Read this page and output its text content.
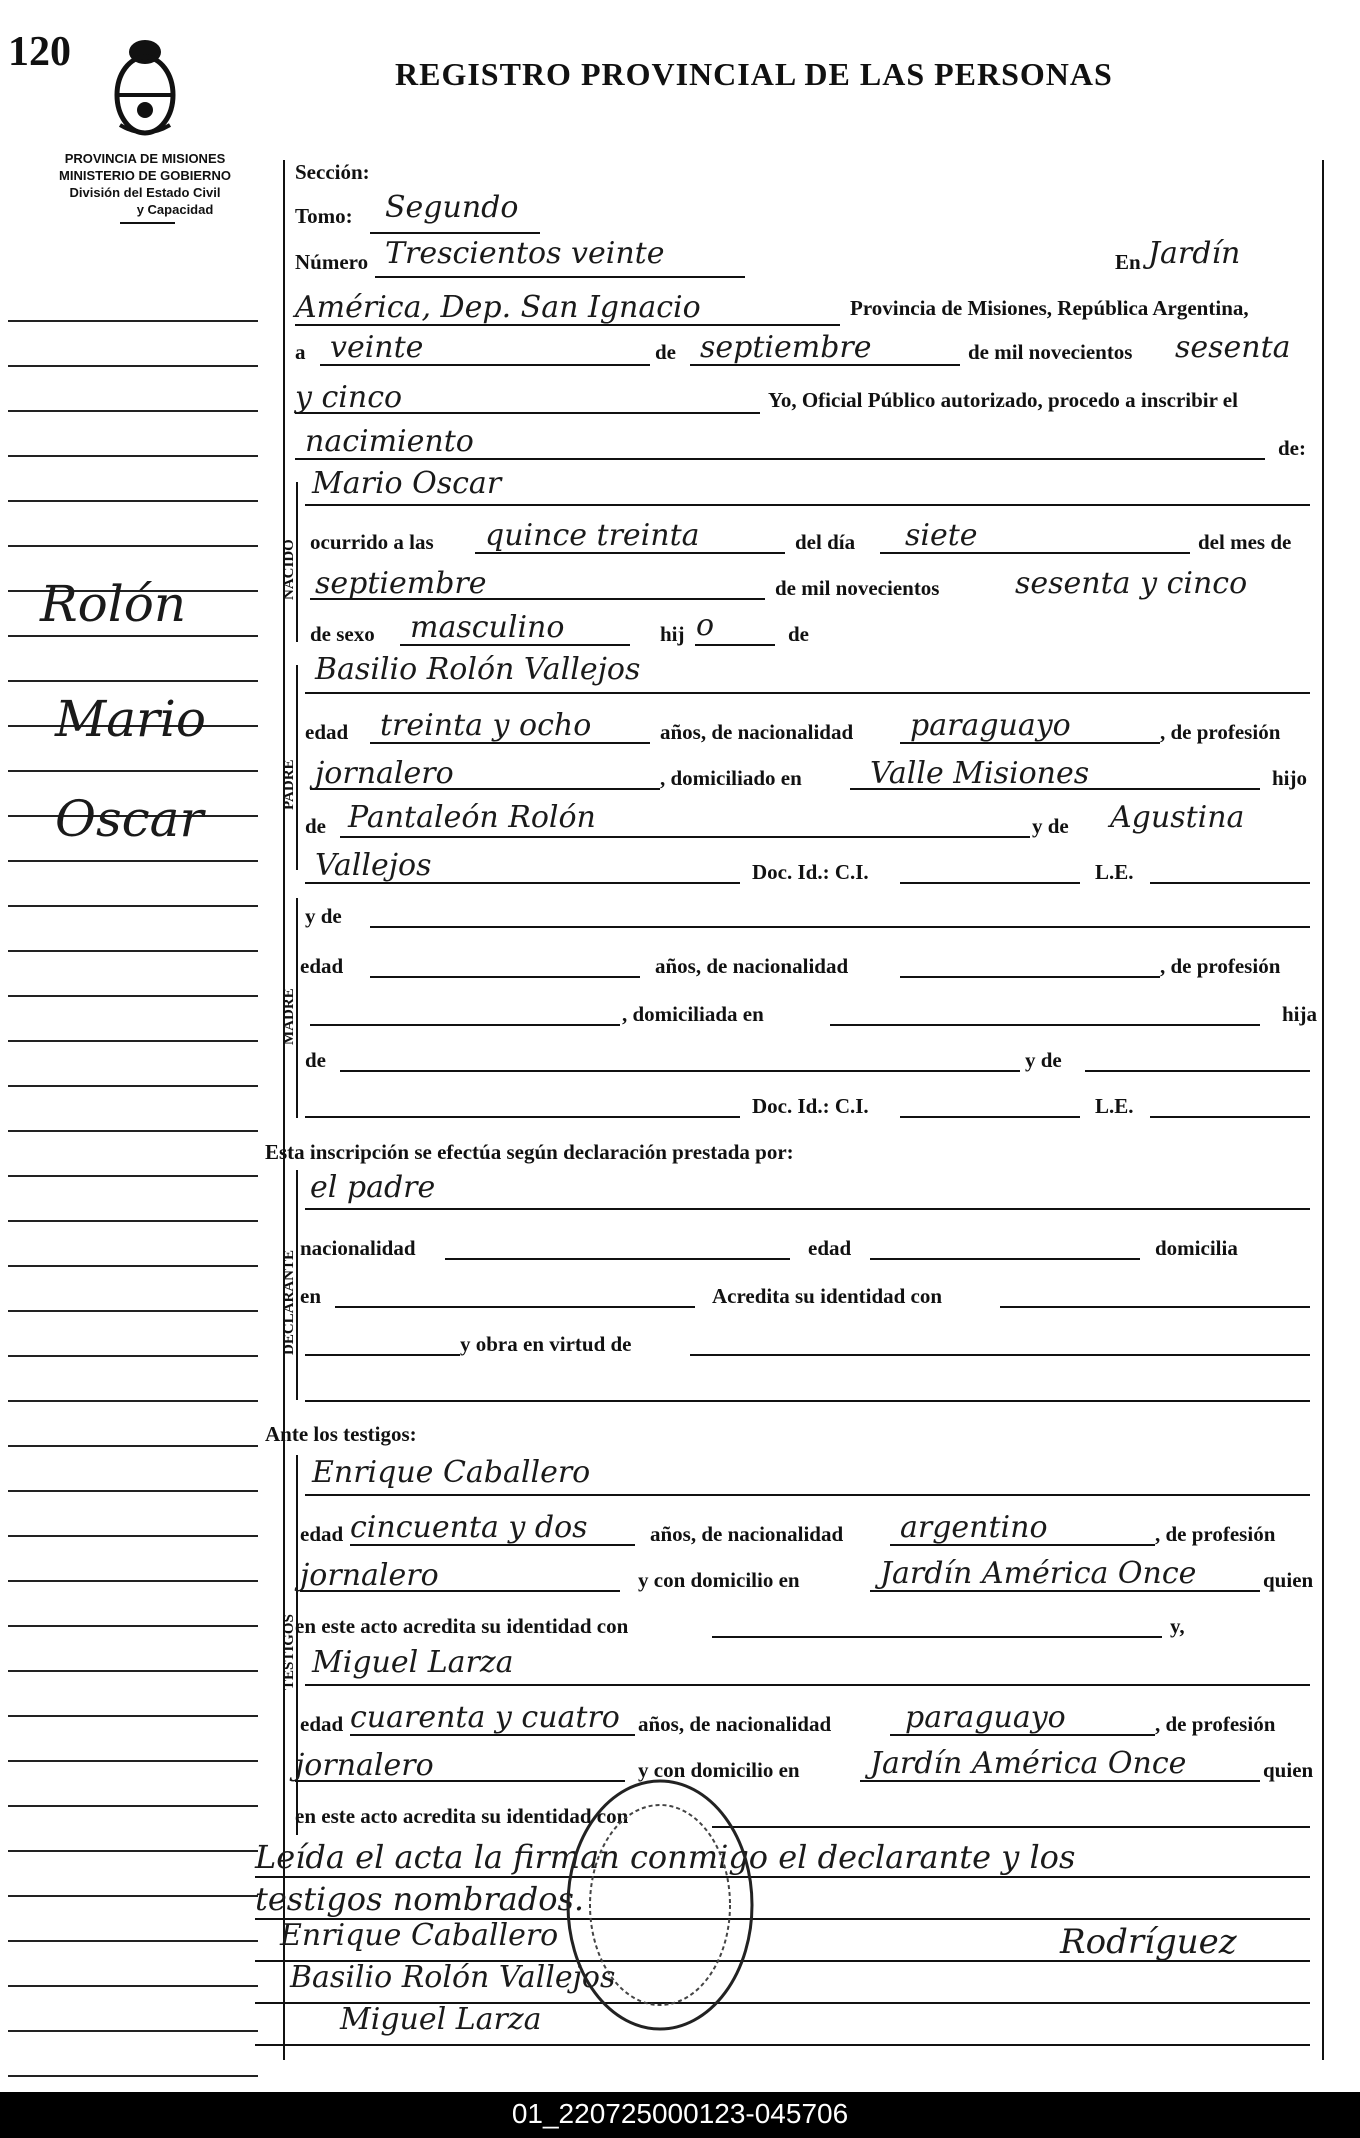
120	REGISTRO PROVINCIAL DE LAS PERSONAS
PROVINCIA DE MISIONES
MINISTERIO DE GOBIERNO
División del Estado Civil
y Capacidad
Rolón
Mario
Oscar
Sección:
Tomo: Segundo
Número Trescientos veinte	En Jardín
América, Dep. San Ignacio	Provincia de Misiones, República Argentina,
a veinte	de septiembre	de mil novecientos sesenta
y cinco	Yo, Oficial Público autorizado, procedo a inscribir el
nacimiento	de:
NACIDO
Mario Oscar
ocurrido a las quince treinta	del día siete	del mes de
septiembre	de mil novecientos	sesenta y cinco
de sexo masculino	hij o	de
PADRE
Basilio Rolón Vallejos
edad treinta y ocho	años, de nacionalidad paraguayo	, de profesión
jornalero	, domiciliado en Valle Misiones	hijo
de Pantaleón Rolón	y de Agustina
Vallejos	Doc. Id.: C.I.	L.E.
MADRE
y de
edad	años, de nacionalidad	, de profesión
, domiciliada en	hija
de	y de
Doc. Id.: C.I.	L.E.
Esta inscripción se efectúa según declaración prestada por:
DECLARANTE
el padre
nacionalidad	edad	domicilia
en	Acredita su identidad con
y obra en virtud de
Ante los testigos:
TESTIGOS
Enrique Caballero
edad cincuenta y dos	años, de nacionalidad argentino	, de profesión
jornalero	y con domicilio en	Jardín América Once	quien
en este acto acredita su identidad con	y,
Miguel Larza
edad cuarenta y cuatro años, de nacionalidad paraguayo	, de profesión
jornalero	y con domicilio en Jardín América Once	quien
en este acto acredita su identidad con
Leída el acta la firman conmigo el declarante y los
testigos nombrados.
Enrique Caballero
Basilio Rolón Vallejos
Miguel Larza
Rodríguez
01_220725000123-045706
